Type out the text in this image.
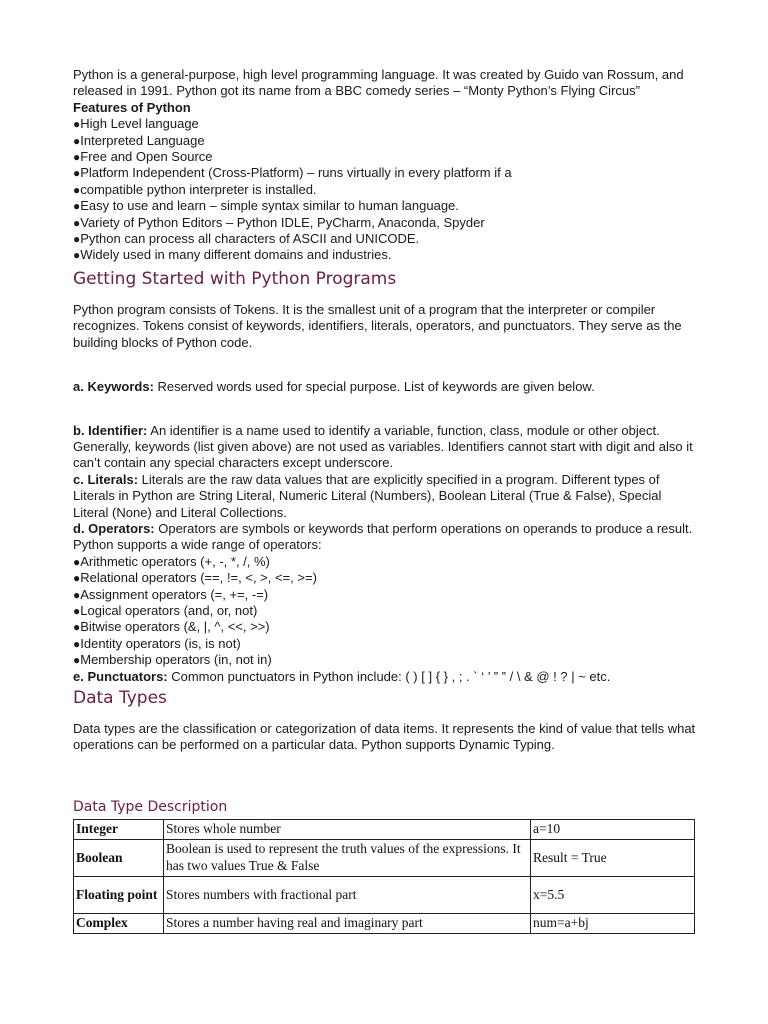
Python is a general-purpose, high level programming language. It was created by Guido van Rossum, and released in 1991. Python got its name from a BBC comedy series – “Monty Python’s Flying Circus”

Features of Python

● High Level language

● Interpreted Language

● Free and Open Source

● Platform Independent (Cross-Platform) – runs virtually in every platform if a

● compatible python interpreter is installed.

● Easy to use and learn – simple syntax similar to human language.

● Variety of Python Editors – Python IDLE, PyCharm, Anaconda, Spyder

● Python can process all characters of ASCII and UNICODE.

● Widely used in many different domains and industries.

Getting Started with Python Programs

Python program consists of Tokens. It is the smallest unit of a program that the interpreter or compiler recognizes. Tokens consist of keywords, identifiers, literals, operators, and punctuators. They serve as the building blocks of Python code.

a. Keywords: Reserved words used for special purpose. List of keywords are given below.

b. Identifier: An identifier is a name used to identify a variable, function, class, module or other object. Generally, keywords (list given above) are not used as variables. Identifiers cannot start with digit and also it can’t contain any special characters except underscore.

c. Literals: Literals are the raw data values that are explicitly specified in a program. Different types of Literals in Python are String Literal, Numeric Literal (Numbers), Boolean Literal (True & False), Special Literal (None) and Literal Collections.

d. Operators: Operators are symbols or keywords that perform operations on operands to produce a result. Python supports a wide range of operators:

● Arithmetic operators (+, -, *, /, %)

● Relational operators (==, !=, <, >, <=, >=)

● Assignment operators (=, +=, -=)

● Logical operators (and, or, not)

● Bitwise operators (&, |, ^, <<, >>)

● Identity operators (is, is not)

● Membership operators (in, not in)

e. Punctuators: Common punctuators in Python include: ( ) [ ] { } , ; . ` ‘ ’ ” ” / \ & @ ! ? | ~ etc.

Data Types

Data types are the classification or categorization of data items. It represents the kind of value that tells what operations can be performed on a particular data. Python supports Dynamic Typing.

Data Type Description
Integer	Stores whole number	a=10
Boolean	Boolean is used to represent the truth values of the expressions. It has two values True & False	Result = True
Floating point	Stores numbers with fractional part	x=5.5
Complex	Stores a number having real and imaginary part	num=a+bj
